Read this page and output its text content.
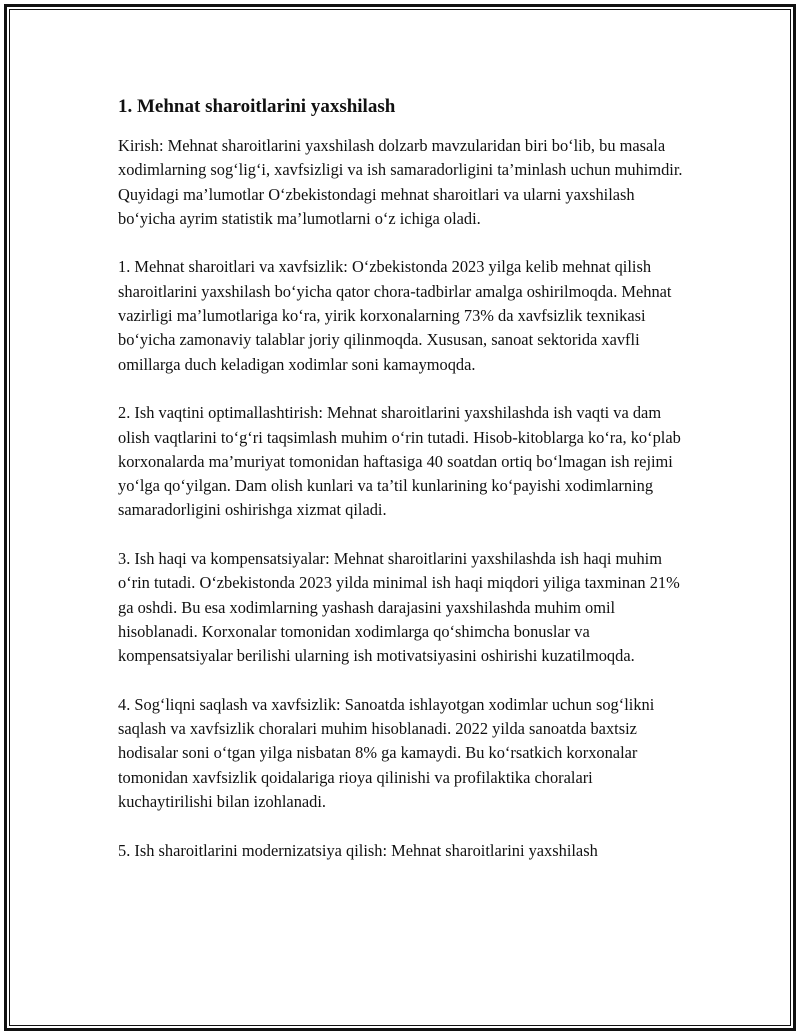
1. Mehnat sharoitlarini yaxshilash

Kirish: Mehnat sharoitlarini yaxshilash dolzarb mavzularidan biri bo‘lib, bu masala xodimlarning sog‘lig‘i, xavfsizligi va ish samaradorligini ta’minlash uchun muhimdir. Quyidagi ma’lumotlar O‘zbekistondagi mehnat sharoitlari va ularni yaxshilash bo‘yicha ayrim statistik ma’lumotlarni o‘z ichiga oladi.

1. Mehnat sharoitlari va xavfsizlik: O‘zbekistonda 2023 yilga kelib mehnat qilish sharoitlarini yaxshilash bo‘yicha qator chora-tadbirlar amalga oshirilmoqda. Mehnat vazirligi ma’lumotlariga ko‘ra, yirik korxonalarning 73% da xavfsizlik texnikasi bo‘yicha zamonaviy talablar joriy qilinmoqda. Xususan, sanoat sektorida xavfli omillarga duch keladigan xodimlar soni kamaymoqda.

2. Ish vaqtini optimallashtirish: Mehnat sharoitlarini yaxshilashda ish vaqti va dam olish vaqtlarini to‘g‘ri taqsimlash muhim o‘rin tutadi. Hisob-kitoblarga ko‘ra, ko‘plab korxonalarda ma’muriyat tomonidan haftasiga 40 soatdan ortiq bo‘lmagan ish rejimi yo‘lga qo‘yilgan. Dam olish kunlari va ta’til kunlarining ko‘payishi xodimlarning samaradorligini oshirishga xizmat qiladi.

3. Ish haqi va kompensatsiyalar: Mehnat sharoitlarini yaxshilashda ish haqi muhim o‘rin tutadi. O‘zbekistonda 2023 yilda minimal ish haqi miqdori yiliga taxminan 21% ga oshdi. Bu esa xodimlarning yashash darajasini yaxshilashda muhim omil hisoblanadi. Korxonalar tomonidan xodimlarga qo‘shimcha bonuslar va kompensatsiyalar berilishi ularning ish motivatsiyasini oshirishi kuzatilmoqda.

4. Sog‘liqni saqlash va xavfsizlik: Sanoatda ishlayotgan xodimlar uchun sog‘likni saqlash va xavfsizlik choralari muhim hisoblanadi. 2022 yilda sanoatda baxtsiz hodisalar soni o‘tgan yilga nisbatan 8% ga kamaydi. Bu ko‘rsatkich korxonalar tomonidan xavfsizlik qoidalariga rioya qilinishi va profilaktika choralari kuchaytirilishi bilan izohlanadi.

5. Ish sharoitlarini modernizatsiya qilish: Mehnat sharoitlarini yaxshilash
